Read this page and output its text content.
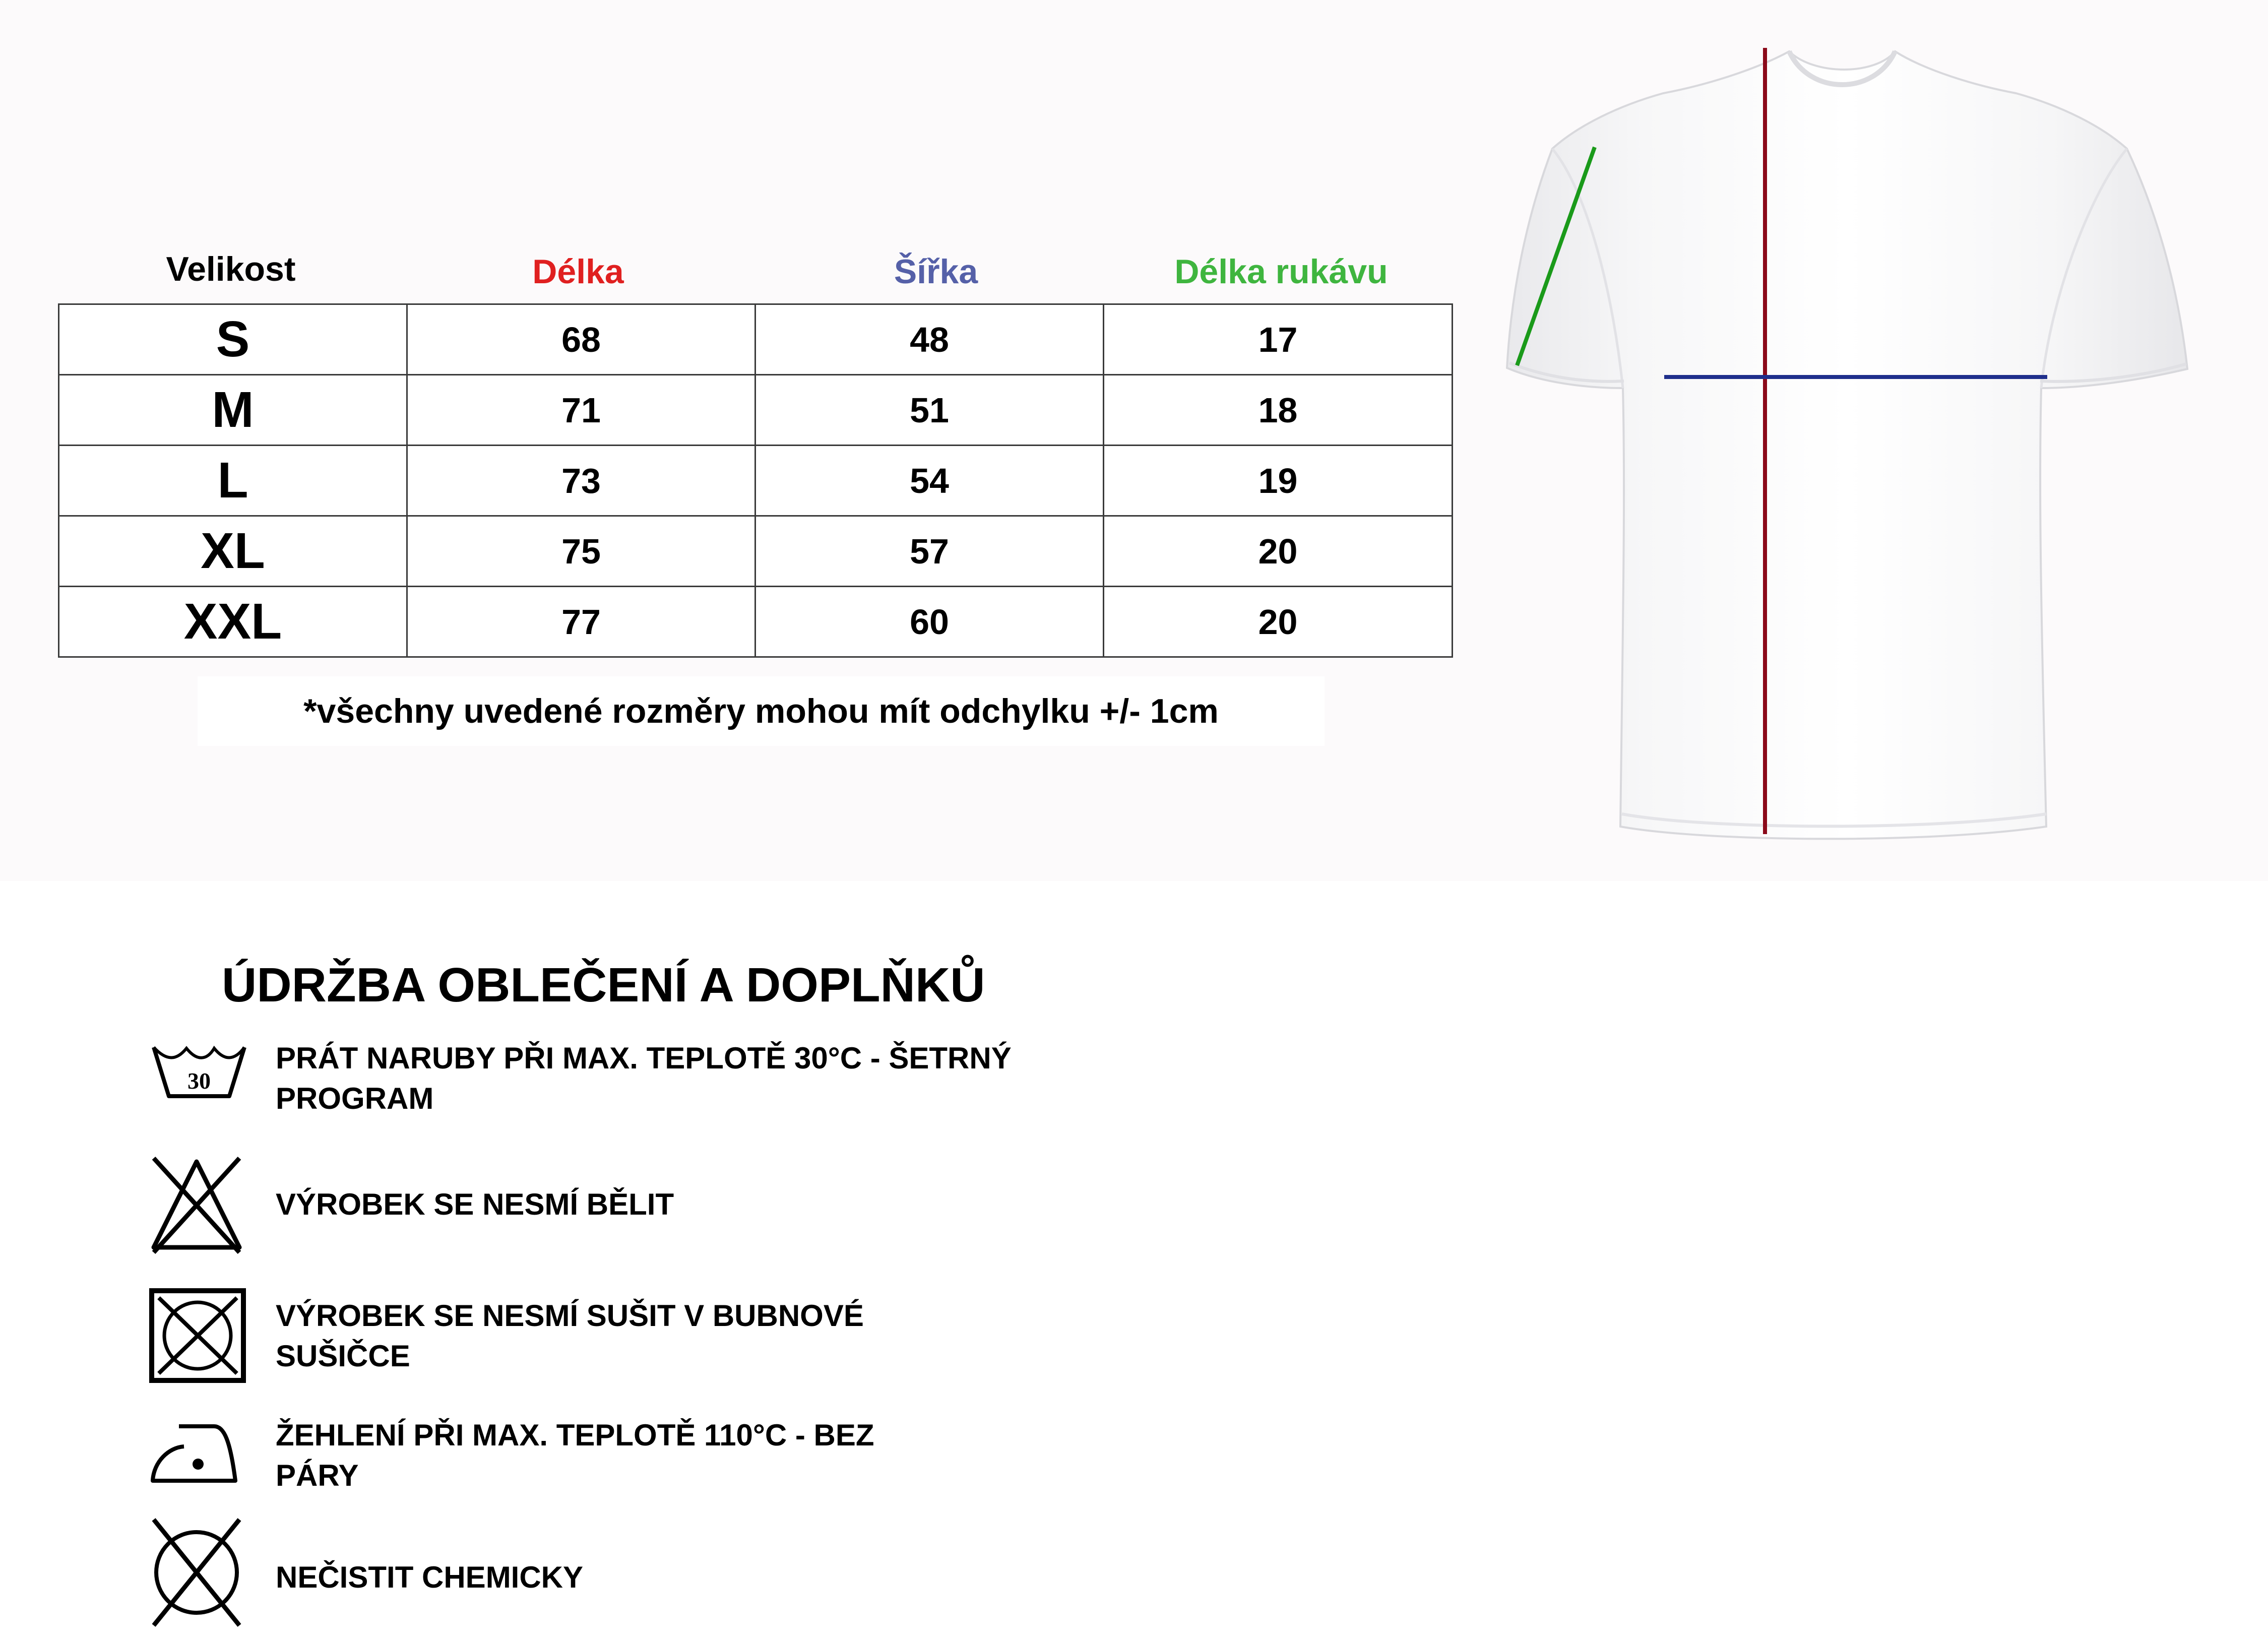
Velikost	Délka	Šířka	Délka rukávu
S	68	48	17
M	71	51	18
L	73	54	19
XL	75	57	20
XXL	77	60	20
*všechny uvedené rozměry mohou mít odchylku +/- 1cm
ÚDRŽBA OBLEČENÍ A DOPLŇKŮ
30
PRÁT NARUBY PŘI MAX. TEPLOTĚ 30°C - ŠETRNÝ
PROGRAM
VÝROBEK SE NESMÍ BĚLIT
VÝROBEK SE NESMÍ SUŠIT V BUBNOVÉ
SUŠIČCE
ŽEHLENÍ PŘI MAX. TEPLOTĚ 110°C - BEZ
PÁRY
NEČISTIT CHEMICKY
